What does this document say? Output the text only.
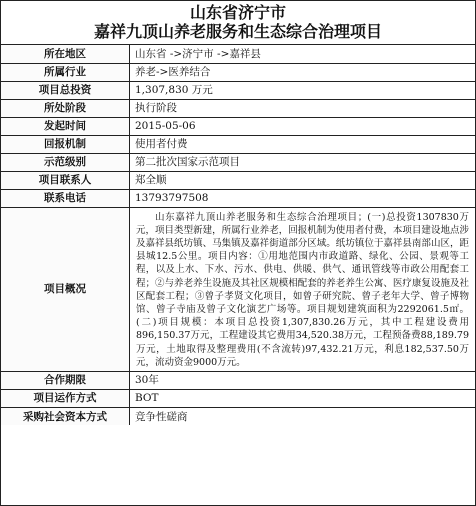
山东省济宁市
嘉祥九顶山养老服务和生态综合治理项目
所在地区	山东省 ->济宁市 ->嘉祥县
所属行业	养老->医养结合
项目总投资	1,307,830 万元
所处阶段	执行阶段
发起时间	2015-05-06
回报机制	使用者付费
示范级别	第二批次国家示范项目
项目联系人	郑全顺
联系电话	13793797508
项目概况	山东嘉祥九顶山养老服务和生态综合治理项目；(一)总投资1307830万元，项目类型新建，所属行业养老，回报机制为使用者付费，本项目建设地点涉及嘉祥县纸坊镇、马集镇及嘉祥街道部分区域。纸坊镇位于嘉祥县南部山区，距县城12.5公里。项目内容：①用地范围内市政道路、绿化、公园、景观等工程，以及上水、下水、污水、供电、供暖、供气、通讯管线等市政公用配套工程；②与养老养生设施及其社区规模相配套的养老养生公寓、医疗康复设施及社区配套工程；③曾子孝贤文化项目，如曾子研究院、曾子老年大学、曾子博物馆、曾子寺庙及曾子文化演艺广场等。项目规划建筑面积为2292061.5㎡。(二)项目规模：本项目总投资1,307,830.26万元，其中工程建设费用896,150.37万元，工程建设其它费用34,520.38万元，工程预备费88,189.79万元，土地取得及整理费用(不含流转)97,432.21万元，利息182,537.50万元，流动资金9000万元。
合作期限	30年
项目运作方式	BOT
采购社会资本方式	竞争性磋商
